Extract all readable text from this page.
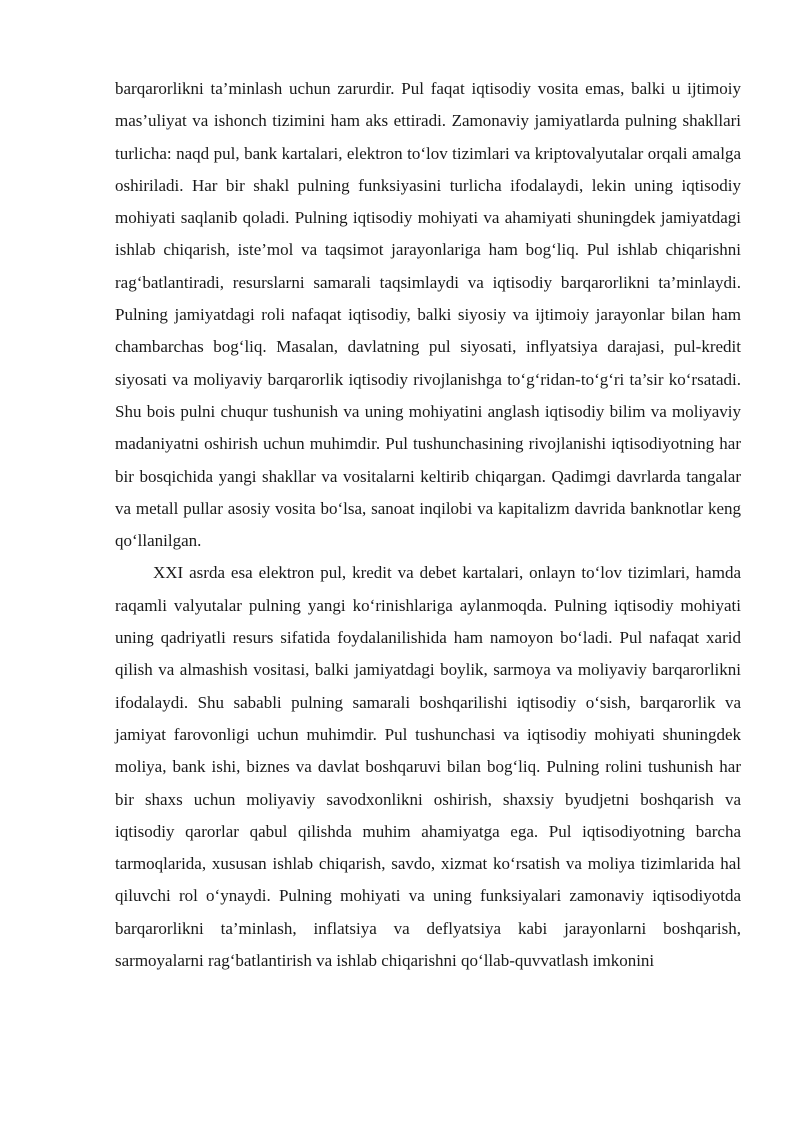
barqarorlikni ta’minlash uchun zarurdir. Pul faqat iqtisodiy vosita emas, balki u ijtimoiy mas’uliyat va ishonch tizimini ham aks ettiradi. Zamonaviy jamiyatlarda pulning shakllari turlicha: naqd pul, bank kartalari, elektron to‘lov tizimlari va kriptovalyutalar orqali amalga oshiriladi. Har bir shakl pulning funksiyasini turlicha ifodalaydi, lekin uning iqtisodiy mohiyati saqlanib qoladi. Pulning iqtisodiy mohiyati va ahamiyati shuningdek jamiyatdagi ishlab chiqarish, iste’mol va taqsimot jarayonlariga ham bog‘liq. Pul ishlab chiqarishni rag‘batlantiradi, resurslarni samarali taqsimlaydi va iqtisodiy barqarorlikni ta’minlaydi. Pulning jamiyatdagi roli nafaqat iqtisodiy, balki siyosiy va ijtimoiy jarayonlar bilan ham chambarchas bog‘liq. Masalan, davlatning pul siyosati, inflyatsiya darajasi, pul-kredit siyosati va moliyaviy barqarorlik iqtisodiy rivojlanishga to‘g‘ridan-to‘g‘ri ta’sir ko‘rsatadi. Shu bois pulni chuqur tushunish va uning mohiyatini anglash iqtisodiy bilim va moliyaviy madaniyatni oshirish uchun muhimdir. Pul tushunchasining rivojlanishi iqtisodiyotning har bir bosqichida yangi shakllar va vositalarni keltirib chiqargan. Qadimgi davrlarda tangalar va metall pullar asosiy vosita bo‘lsa, sanoat inqilobi va kapitalizm davrida banknotlar keng qo‘llanilgan.

XXI asrda esa elektron pul, kredit va debet kartalari, onlayn to‘lov tizimlari, hamda raqamli valyutalar pulning yangi ko‘rinishlariga aylanmoqda. Pulning iqtisodiy mohiyati uning qadriyatli resurs sifatida foydalanilishida ham namoyon bo‘ladi. Pul nafaqat xarid qilish va almashish vositasi, balki jamiyatdagi boylik, sarmoya va moliyaviy barqarorlikni ifodalaydi. Shu sababli pulning samarali boshqarilishi iqtisodiy o‘sish, barqarorlik va jamiyat farovonligi uchun muhimdir. Pul tushunchasi va iqtisodiy mohiyati shuningdek moliya, bank ishi, biznes va davlat boshqaruvi bilan bog‘liq. Pulning rolini tushunish har bir shaxs uchun moliyaviy savodxonlikni oshirish, shaxsiy byudjetni boshqarish va iqtisodiy qarorlar qabul qilishda muhim ahamiyatga ega. Pul iqtisodiyotning barcha tarmoqlarida, xususan ishlab chiqarish, savdo, xizmat ko‘rsatish va moliya tizimlarida hal qiluvchi rol o‘ynaydi. Pulning mohiyati va uning funksiyalari zamonaviy iqtisodiyotda barqarorlikni ta’minlash, inflatsiya va deflyatsiya kabi jarayonlarni boshqarish, sarmoyalarni rag‘batlantirish va ishlab chiqarishni qo‘llab-quvvatlash imkonini
